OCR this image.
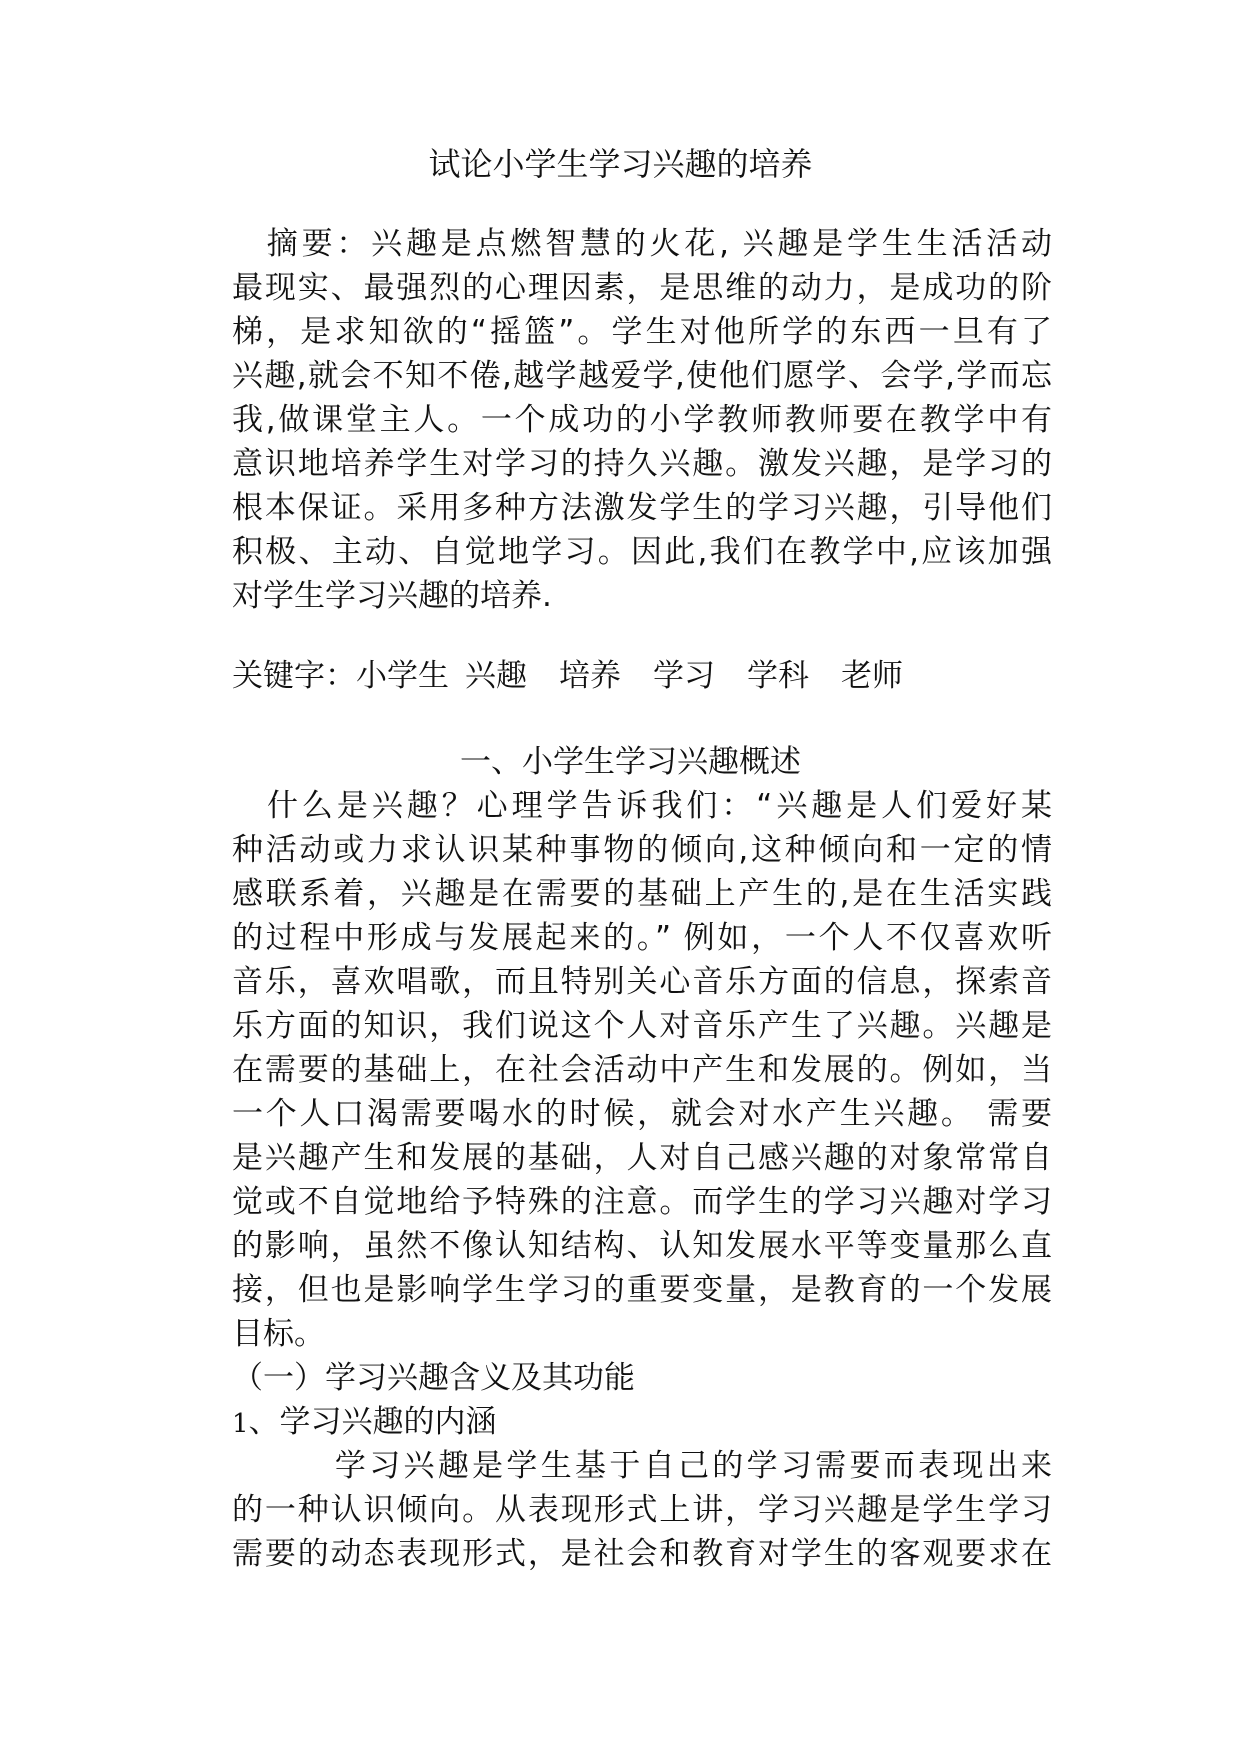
试论小学生学习兴趣的培养
　摘要：兴趣是点燃智慧的火花, 兴趣是学生生活活动
最现实、最强烈的心理因素，是思维的动力，是成功的阶
梯，是求知欲的“摇篮”。学生对他所学的东西一旦有了
兴趣,就会不知不倦,越学越爱学,使他们愿学、会学,学而忘
我,做课堂主人。一个成功的小学教师教师要在教学中有
意识地培养学生对学习的持久兴趣。激发兴趣，是学习的
根本保证。采用多种方法激发学生的学习兴趣，引导他们
积极、主动、自觉地学习。因此,我们在教学中,应该加强
对学生学习兴趣的培养.
关键字：小学生 兴趣 培养 学习 学科 老师
一、小学生学习兴趣概述
　什么是兴趣？心理学告诉我们：“兴趣是人们爱好某
种活动或力求认识某种事物的倾向,这种倾向和一定的情
感联系着，兴趣是在需要的基础上产生的,是在生活实践
的过程中形成与发展起来的。” 例如，一个人不仅喜欢听
音乐，喜欢唱歌，而且特别关心音乐方面的信息，探索音
乐方面的知识，我们说这个人对音乐产生了兴趣。兴趣是
在需要的基础上，在社会活动中产生和发展的。例如，当
一个人口渴需要喝水的时候，就会对水产生兴趣。 需要
是兴趣产生和发展的基础，人对自己感兴趣的对象常常自
觉或不自觉地给予特殊的注意。而学生的学习兴趣对学习
的影响，虽然不像认知结构、认知发展水平等变量那么直
接，但也是影响学生学习的重要变量，是教育的一个发展
目标。
（一）学习兴趣含义及其功能
1、学习兴趣的内涵
　　　学习兴趣是学生基于自己的学习需要而表现出来
的一种认识倾向。从表现形式上讲，学习兴趣是学生学习
需要的动态表现形式，是社会和教育对学生的客观要求在
